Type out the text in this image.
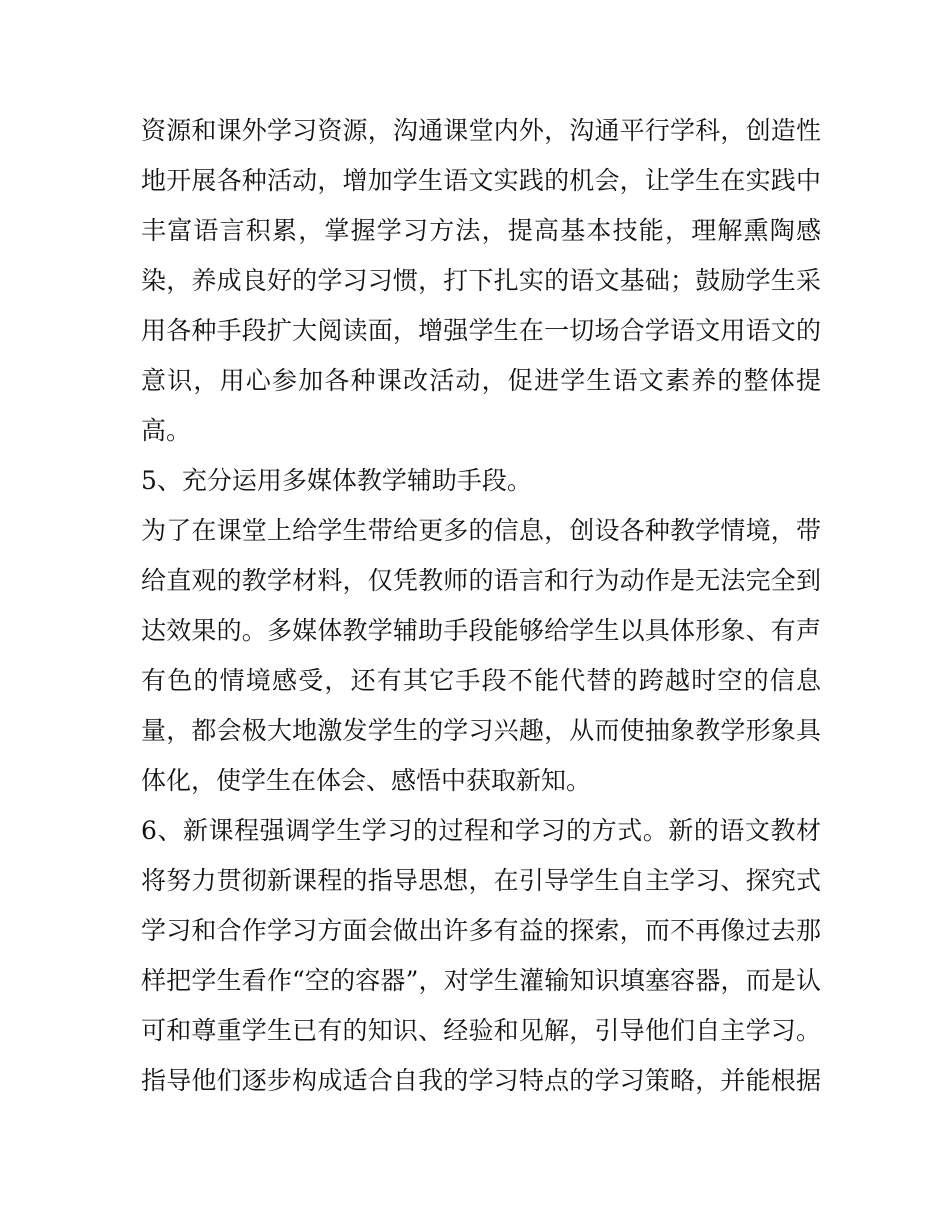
资源和课外学习资源，沟通课堂内外，沟通平行学科，创造性
地开展各种活动，增加学生语文实践的机会，让学生在实践中
丰富语言积累，掌握学习方法，提高基本技能，理解熏陶感
染，养成良好的学习习惯，打下扎实的语文基础；鼓励学生采
用各种手段扩大阅读面，增强学生在一切场合学语文用语文的
意识，用心参加各种课改活动，促进学生语文素养的整体提
高。
5、充分运用多媒体教学辅助手段。
为了在课堂上给学生带给更多的信息，创设各种教学情境，带
给直观的教学材料，仅凭教师的语言和行为动作是无法完全到
达效果的。多媒体教学辅助手段能够给学生以具体形象、有声
有色的情境感受，还有其它手段不能代替的跨越时空的信息
量，都会极大地激发学生的学习兴趣，从而使抽象教学形象具
体化，使学生在体会、感悟中获取新知。
6、新课程强调学生学习的过程和学习的方式。新的语文教材
将努力贯彻新课程的指导思想，在引导学生自主学习、探究式
学习和合作学习方面会做出许多有益的探索，而不再像过去那
样把学生看作“空的容器”，对学生灌输知识填塞容器，而是认
可和尊重学生已有的知识、经验和见解，引导他们自主学习。
指导他们逐步构成适合自我的学习特点的学习策略，并能根据
